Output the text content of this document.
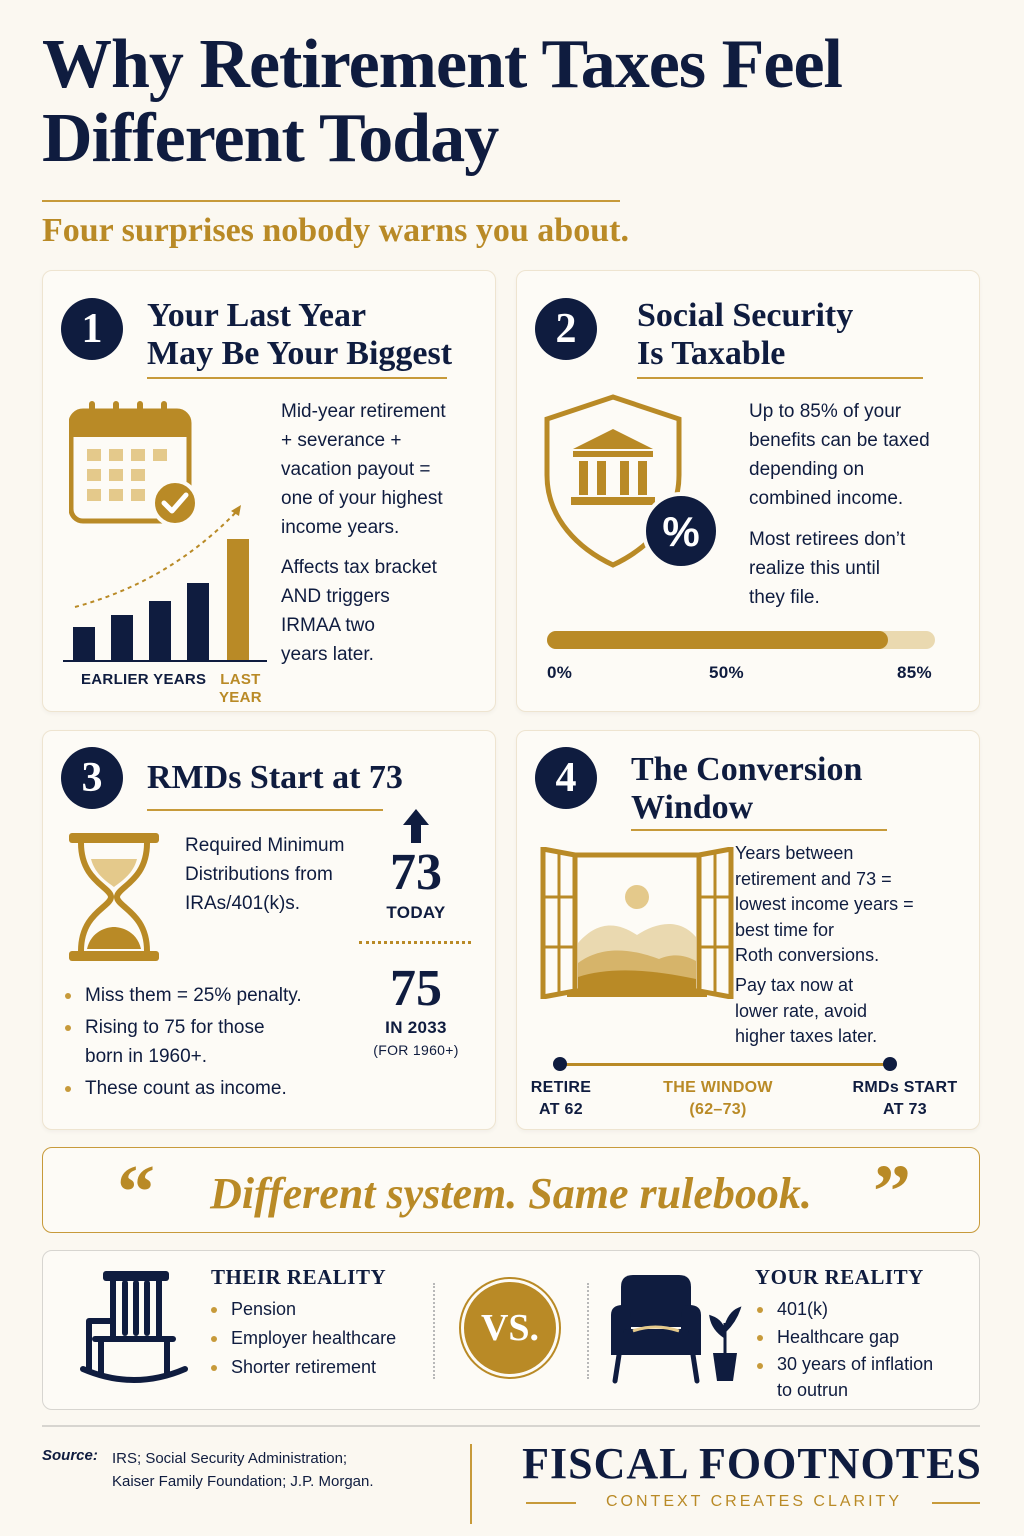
Why Retirement Taxes Feel Different Today
Four surprises nobody warns you about.
1	Your Last Year
May Be Your Biggest
EARLIER YEARS LAST
YEAR
Mid-year retirement
+ severance +
vacation payout =
one of your highest
income years.
Affects tax bracket
AND triggers
IRMAA two
years later.
2	Social Security
Is Taxable
%
Up to 85% of your
benefits can be taxed
depending on
combined income.
Most retirees don’t
realize this until
they file.
0%	50%	85%
3	RMDs Start at 73
Required Minimum
Distributions from
IRAs/401(k)s.
73
TODAY
75
IN 2033
(FOR 1960+)
Miss them = 25% penalty.
Rising to 75 for those
born in 1960+.
These count as income.
4	The Conversion
Window
Years between
retirement and 73 =
lowest income years =
best time for
Roth conversions.
Pay tax now at
lower rate, avoid
higher taxes later.
RETIRE
AT 62
THE WINDOW
(62–73)
RMDs START
AT 73
“	Different system. Same rulebook. ”
THEIR REALITY
Pension
Employer healthcare
Shorter retirement
VS.
YOUR REALITY
401(k)
Healthcare gap
30 years of inflation
to outrun
Source: IRS; Social Security Administration;
Kaiser Family Foundation; J.P. Morgan.	FISCAL FOOTNOTES
CONTEXT CREATES CLARITY
